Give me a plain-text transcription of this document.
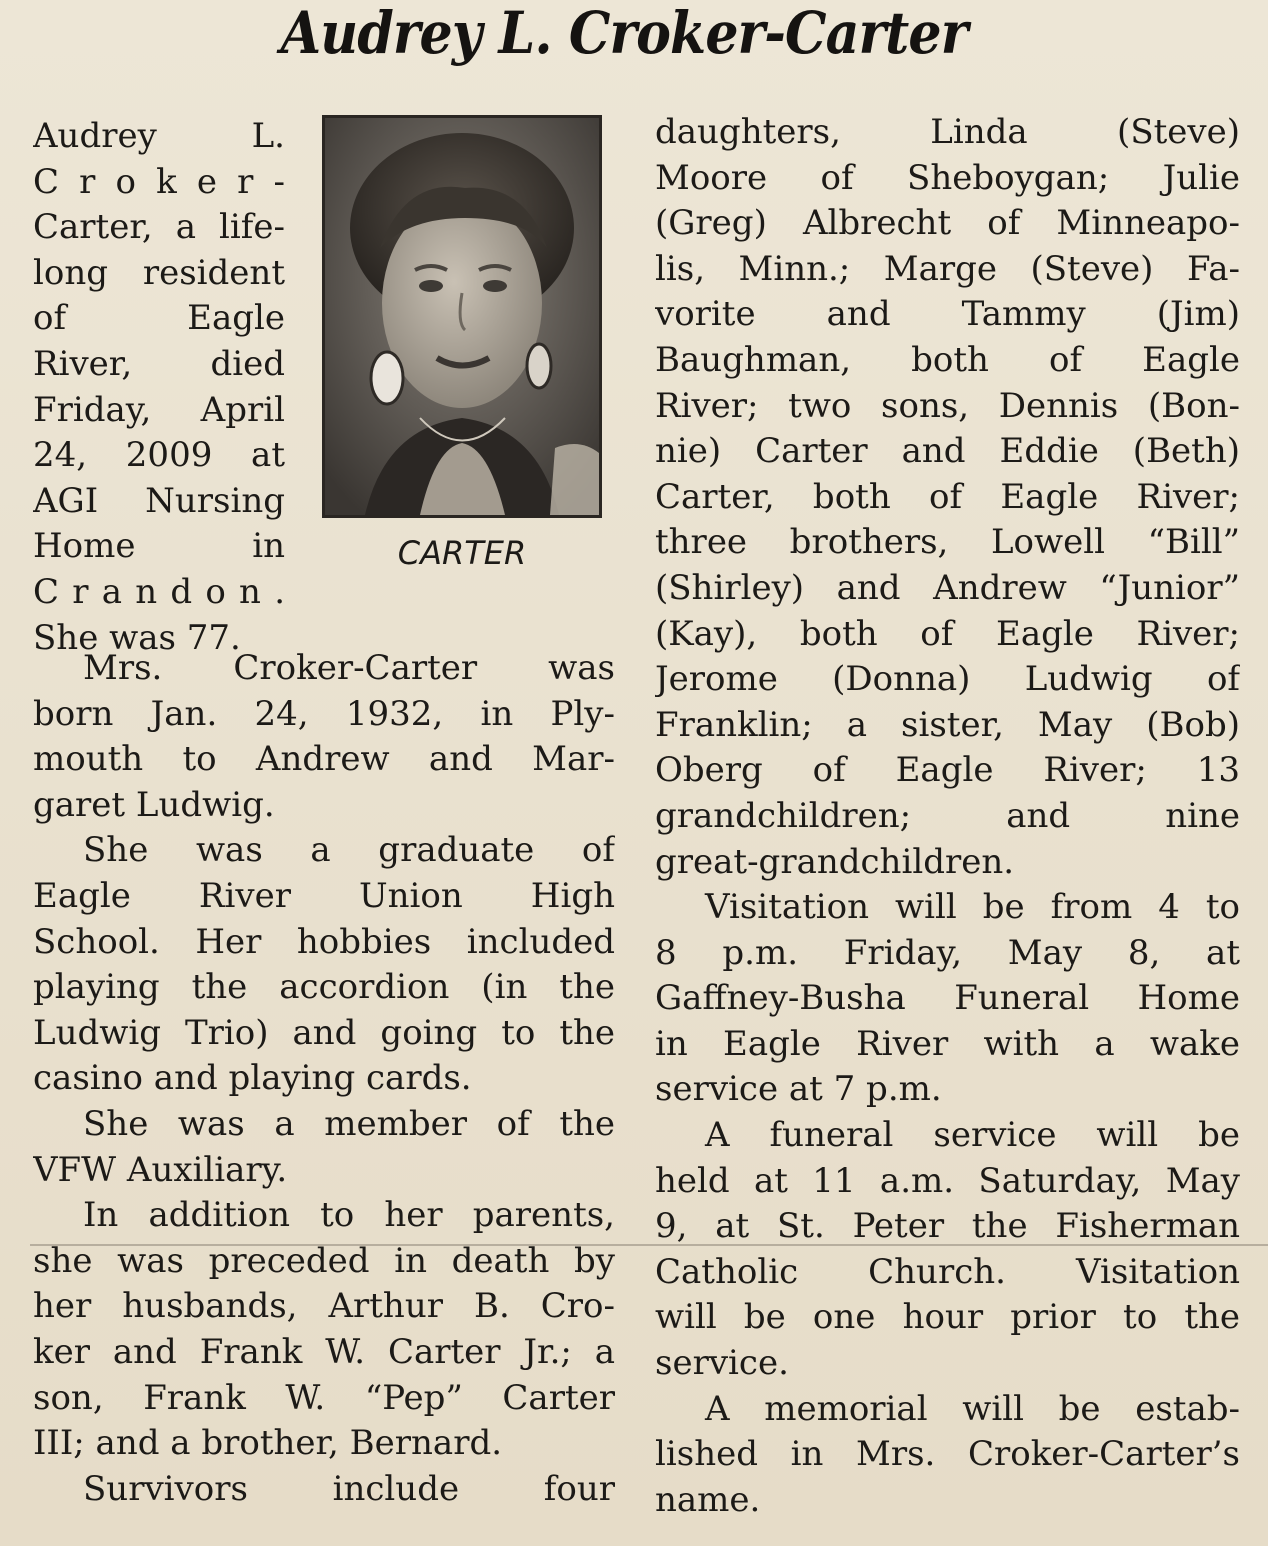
Audrey L. Croker-Carter
Audrey L.
C r o k e r -
Carter, a life-
long resident
of Eagle
River, died
Friday, April
24, 2009 at
AGI Nursing
Home in
C r a n d o n .
She was 77.
CARTER
Mrs. Croker-Carter was
born Jan. 24, 1932, in Ply-
mouth to Andrew and Mar-
garet Ludwig.
She was a graduate of
Eagle River Union High
School. Her hobbies included
playing the accordion (in the
Ludwig Trio) and going to the
casino and playing cards.
She was a member of the
VFW Auxiliary.
In addition to her parents,
she was preceded in death by
her husbands, Arthur B. Cro-
ker and Frank W. Carter Jr.; a
son, Frank W. “Pep” Carter
III; and a brother, Bernard.
Survivors include four
daughters, Linda (Steve)
Moore of Sheboygan; Julie
(Greg) Albrecht of Minneapo-
lis, Minn.; Marge (Steve) Fa-
vorite and Tammy (Jim)
Baughman, both of Eagle
River; two sons, Dennis (Bon-
nie) Carter and Eddie (Beth)
Carter, both of Eagle River;
three brothers, Lowell “Bill”
(Shirley) and Andrew “Junior”
(Kay), both of Eagle River;
Jerome (Donna) Ludwig of
Franklin; a sister, May (Bob)
Oberg of Eagle River; 13
grandchildren; and nine
great-grandchildren.
Visitation will be from 4 to
8 p.m. Friday, May 8, at
Gaffney-Busha Funeral Home
in Eagle River with a wake
service at 7 p.m.
A funeral service will be
held at 11 a.m. Saturday, May
9, at St. Peter the Fisherman
Catholic Church. Visitation
will be one hour prior to the
service.
A memorial will be estab-
lished in Mrs. Croker-Carter’s
name.
